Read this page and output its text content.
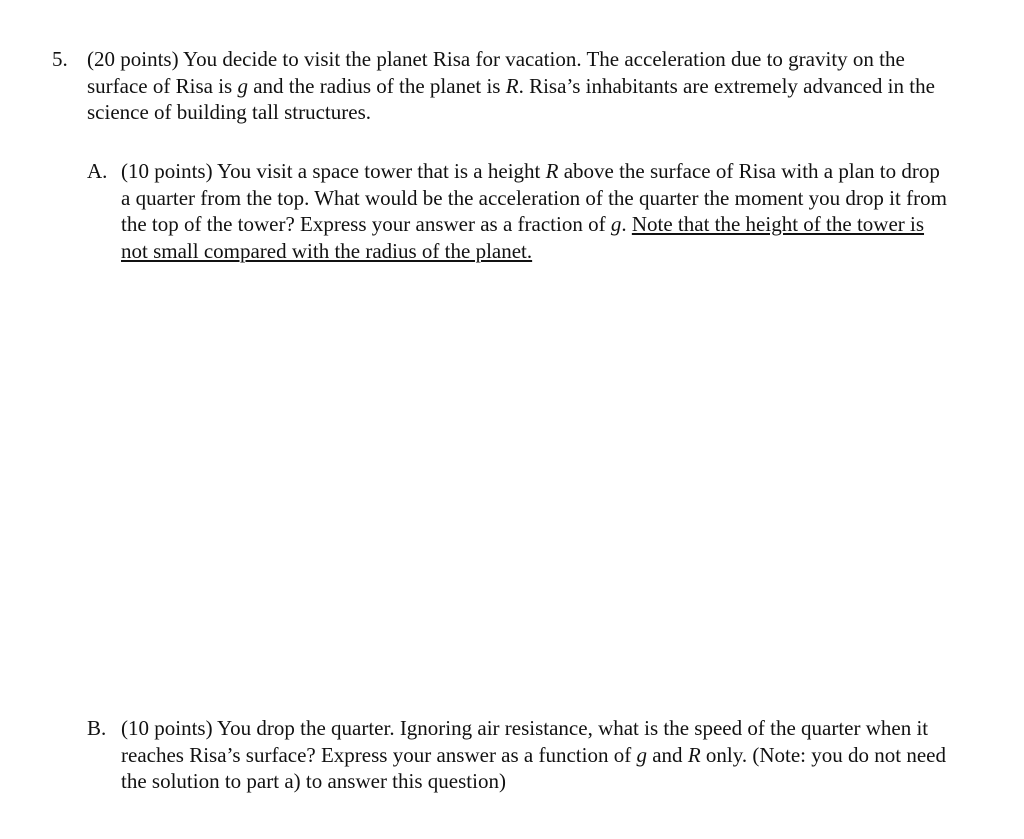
5. (20 points) You decide to visit the planet Risa for vacation. The acceleration due to gravity on the surface of Risa is g and the radius of the planet is R. Risa’s inhabitants are extremely advanced in the science of building tall structures.
A. (10 points) You visit a space tower that is a height R above the surface of Risa with a plan to drop a quarter from the top. What would be the acceleration of the quarter the moment you drop it from the top of the tower? Express your answer as a fraction of g. Note that the height of the tower is not small compared with the radius of the planet.
B. (10 points) You drop the quarter. Ignoring air resistance, what is the speed of the quarter when it reaches Risa’s surface? Express your answer as a function of g and R only. (Note: you do not need the solution to part a) to answer this question)
